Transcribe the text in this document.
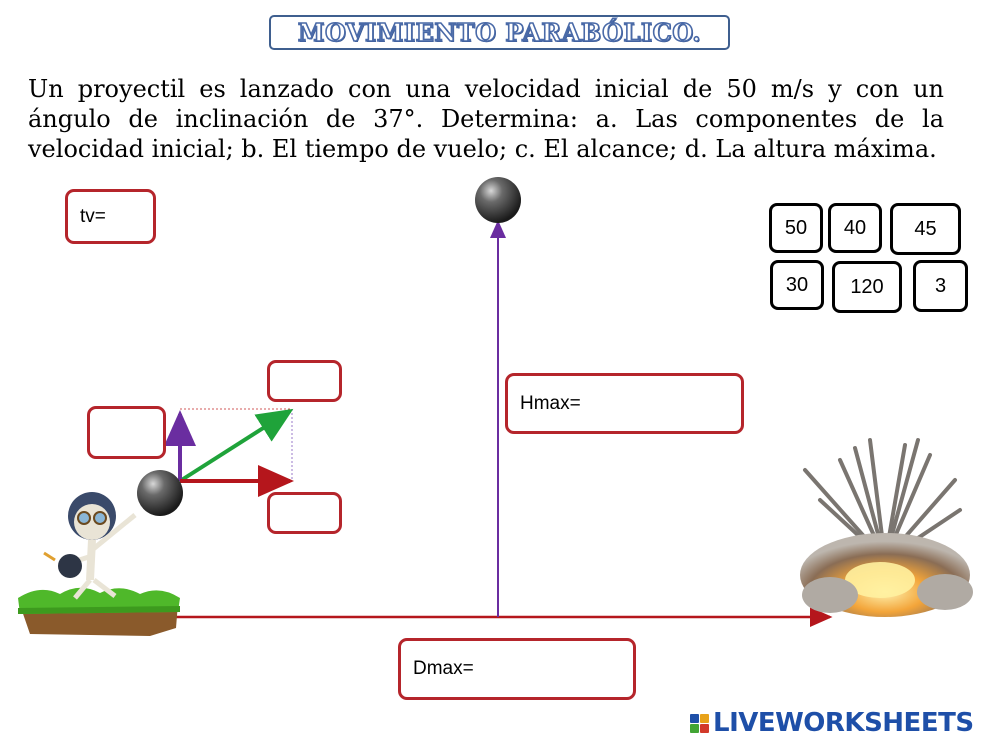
MOVIMIENTO PARABÓLICO.
Un proyectil es lanzado con una velocidad inicial de 50 m/s y con un ángulo de inclinación de 37°. Determina: a. Las componentes de la velocidad inicial; b. El tiempo de vuelo; c. El alcance; d. La altura máxima.
tv=
Hmax=
Dmax=
50	40	45
30	120	3
LIVEWORKSHEETS
